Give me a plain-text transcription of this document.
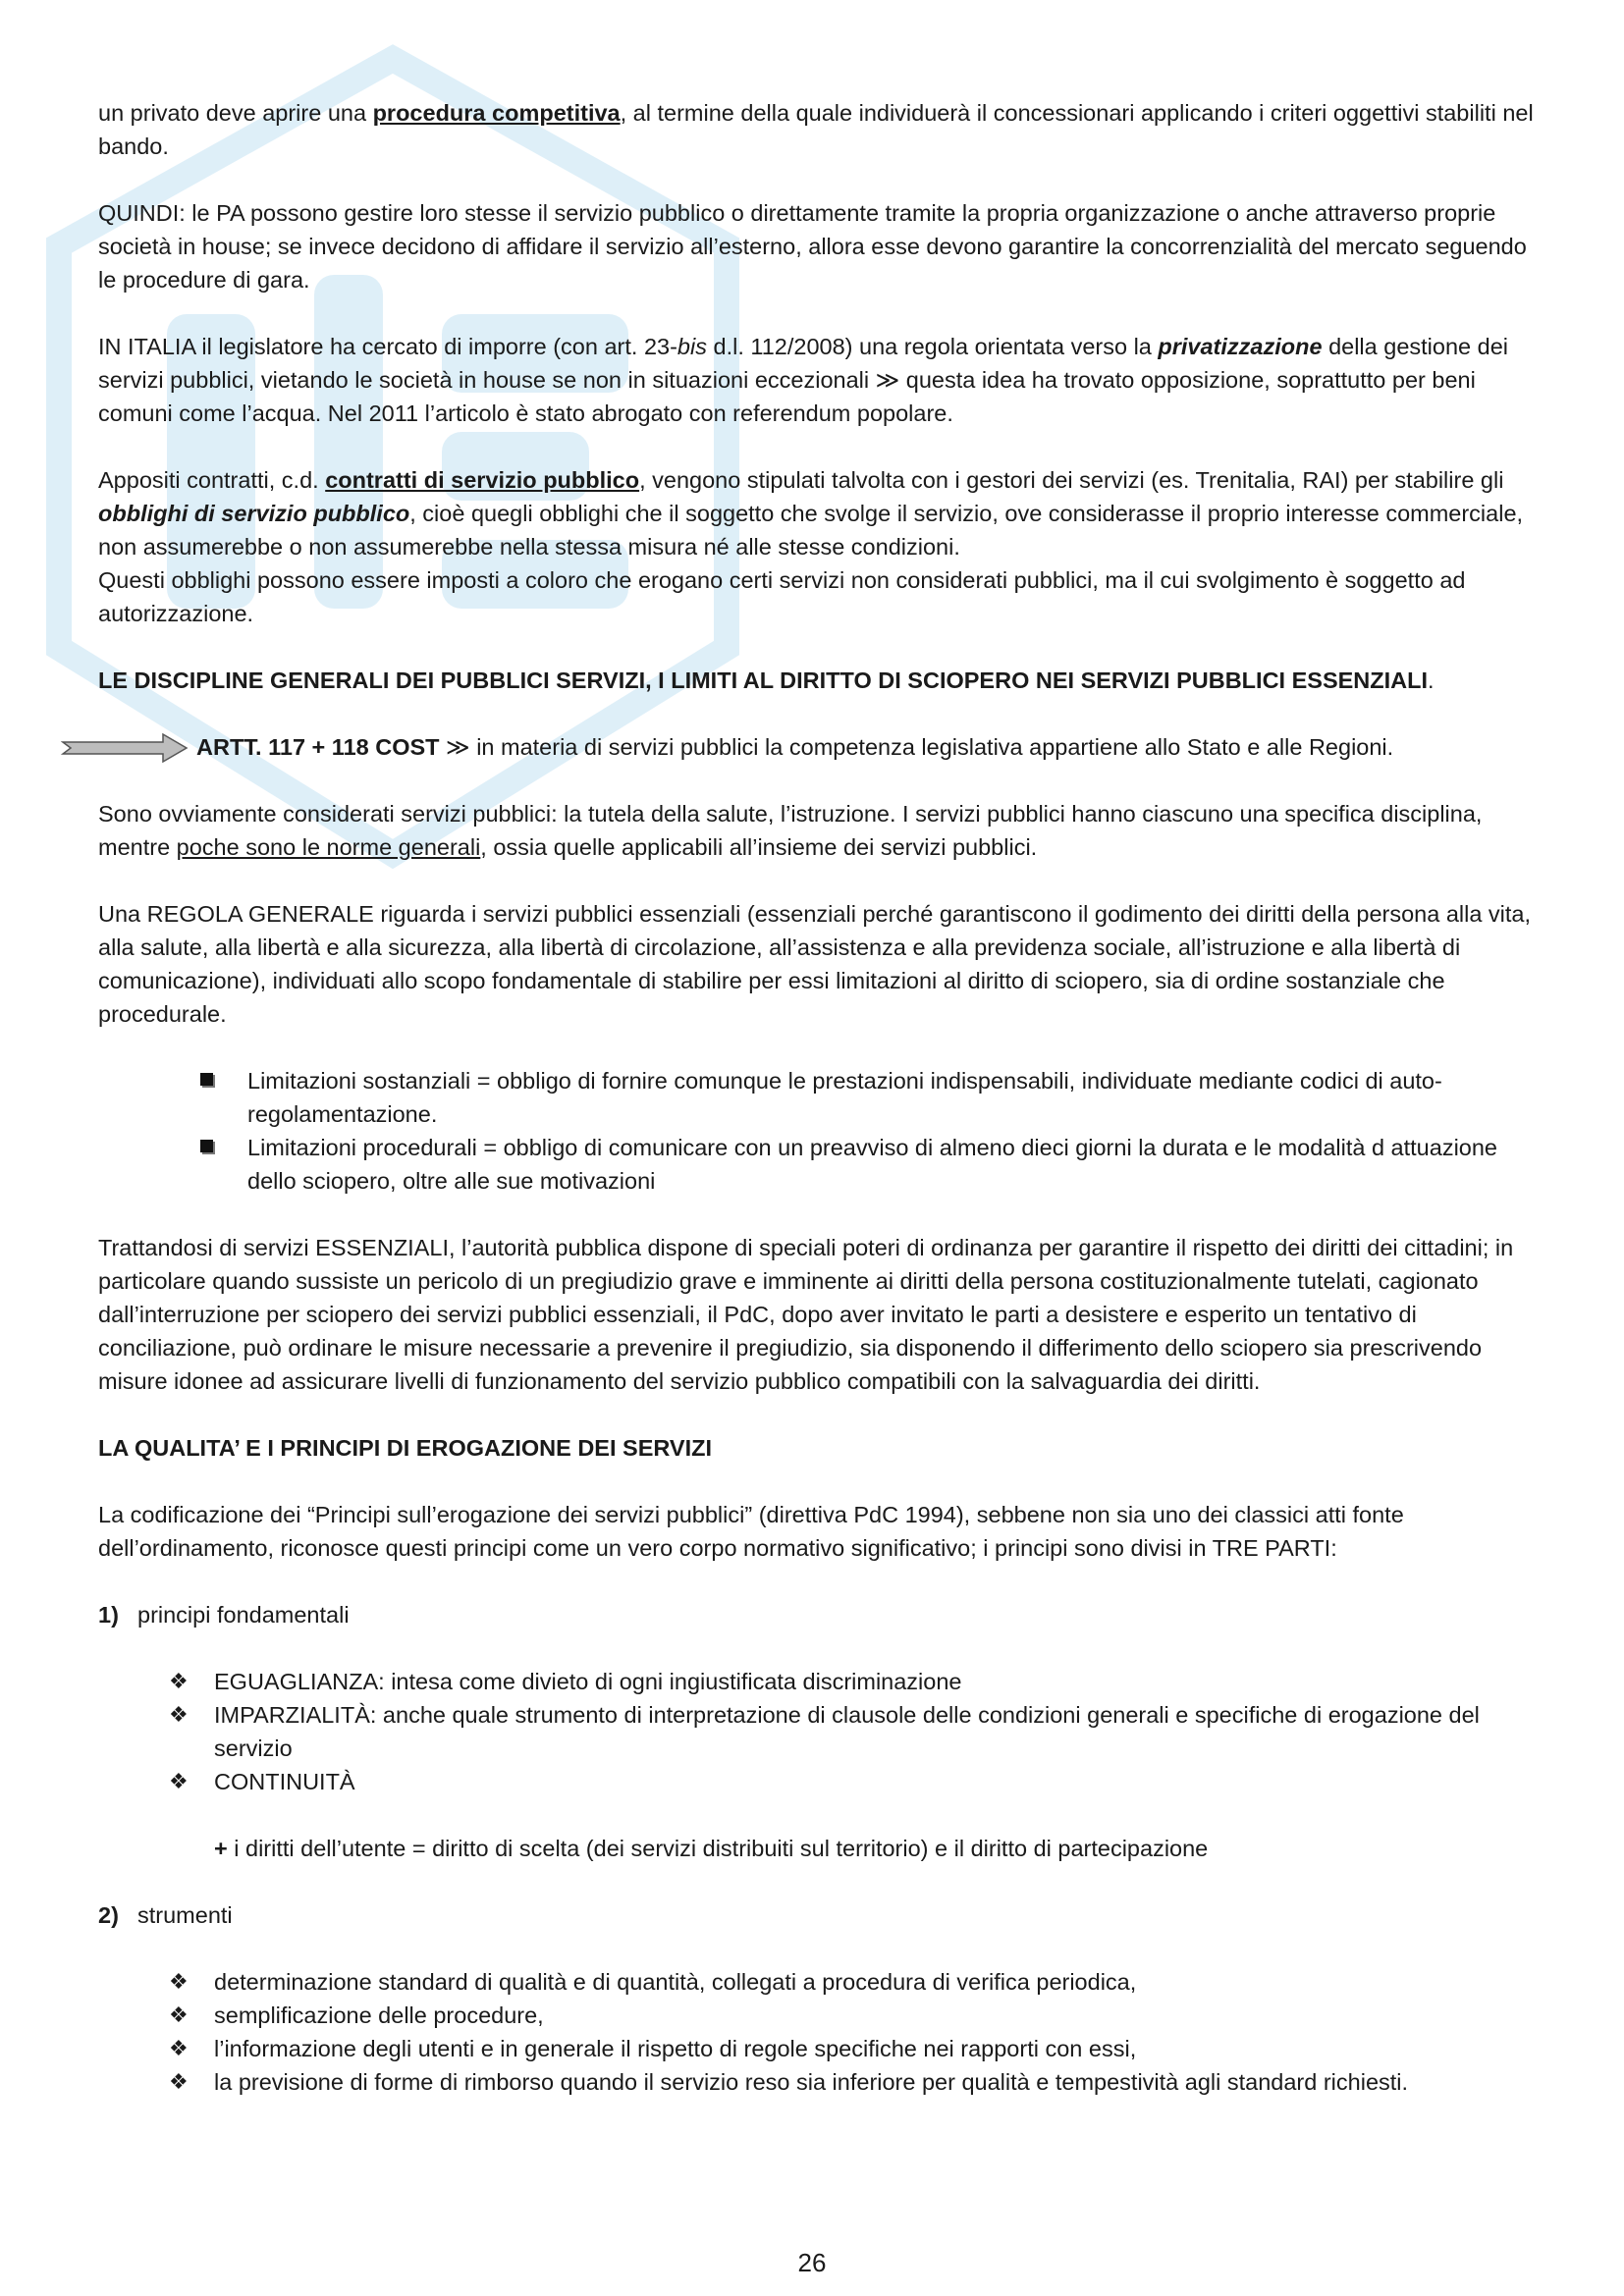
un privato deve aprire una procedura competitiva, al termine della quale individuerà il concessionari applicando i criteri oggettivi stabiliti nel bando.

QUINDI: le PA possono gestire loro stesse il servizio pubblico o direttamente tramite la propria organizzazione o anche attraverso proprie società in house; se invece decidono di affidare il servizio all’esterno, allora esse devono garantire la concorrenzialità del mercato seguendo le procedure di gara.

IN ITALIA il legislatore ha cercato di imporre (con art. 23-bis d.l. 112/2008) una regola orientata verso la privatizzazione della gestione dei servizi pubblici, vietando le società in house se non in situazioni eccezionali ≫ questa idea ha trovato opposizione, soprattutto per beni comuni come l’acqua. Nel 2011 l’articolo è stato abrogato con referendum popolare.

Appositi contratti, c.d. contratti di servizio pubblico, vengono stipulati talvolta con i gestori dei servizi (es. Trenitalia, RAI) per stabilire gli obblighi di servizio pubblico, cioè quegli obblighi che il soggetto che svolge il servizio, ove considerasse il proprio interesse commerciale, non assumerebbe o non assumerebbe nella stessa misura né alle stesse condizioni.

Questi obblighi possono essere imposti a coloro che erogano certi servizi non considerati pubblici, ma il cui svolgimento è soggetto ad autorizzazione.

LE DISCIPLINE GENERALI DEI PUBBLICI SERVIZI, I LIMITI AL DIRITTO DI SCIOPERO NEI SERVIZI PUBBLICI ESSENZIALI.

ARTT. 117 + 118 COST ≫ in materia di servizi pubblici la competenza legislativa appartiene allo Stato e alle Regioni.

Sono ovviamente considerati servizi pubblici: la tutela della salute, l’istruzione. I servizi pubblici hanno ciascuno una specifica disciplina, mentre poche sono le norme generali, ossia quelle applicabili all’insieme dei servizi pubblici.

Una REGOLA GENERALE riguarda i servizi pubblici essenziali (essenziali perché garantiscono il godimento dei diritti della persona alla vita, alla salute, alla libertà e alla sicurezza, alla libertà di circolazione, all’assistenza e alla previdenza sociale, all’istruzione e alla libertà di comunicazione), individuati allo scopo fondamentale di stabilire per essi limitazioni al diritto di sciopero, sia di ordine sostanziale che procedurale.

Limitazioni sostanziali = obbligo di fornire comunque le prestazioni indispensabili, individuate mediante codici di auto- regolamentazione.
Limitazioni procedurali = obbligo di comunicare con un preavviso di almeno dieci giorni la durata e le modalità d attuazione dello sciopero, oltre alle sue motivazioni

Trattandosi di servizi ESSENZIALI, l’autorità pubblica dispone di speciali poteri di ordinanza per garantire il rispetto dei diritti dei cittadini; in particolare quando sussiste un pericolo di un pregiudizio grave e imminente ai diritti della persona costituzionalmente tutelati, cagionato dall’interruzione per sciopero dei servizi pubblici essenziali, il PdC, dopo aver invitato le parti a desistere e esperito un tentativo di conciliazione, può ordinare le misure necessarie a prevenire il pregiudizio, sia disponendo il differimento dello sciopero sia prescrivendo misure idonee ad assicurare livelli di funzionamento del servizio pubblico compatibili con la salvaguardia dei diritti.

LA QUALITA’ E I PRINCIPI DI EROGAZIONE DEI SERVIZI

La codificazione dei “Principi sull’erogazione dei servizi pubblici” (direttiva PdC 1994), sebbene non sia uno dei classici atti fonte dell’ordinamento, riconosce questi principi come un vero corpo normativo significativo; i principi sono divisi in TRE PARTI:

1) principi fondamentali

❖ EGUAGLIANZA: intesa come divieto di ogni ingiustificata discriminazione
❖ IMPARZIALITÀ: anche quale strumento di interpretazione di clausole delle condizioni generali e specifiche di erogazione del servizio
❖ CONTINUITÀ
+ i diritti dell’utente = diritto di scelta (dei servizi distribuiti sul territorio) e il diritto di partecipazione

2) strumenti

❖ determinazione standard di qualità e di quantità, collegati a procedura di verifica periodica,
❖ semplificazione delle procedure,
❖ l’informazione degli utenti e in generale il rispetto di regole specifiche nei rapporti con essi,
❖ la previsione di forme di rimborso quando il servizio reso sia inferiore per qualità e tempestività agli standard richiesti.
26
